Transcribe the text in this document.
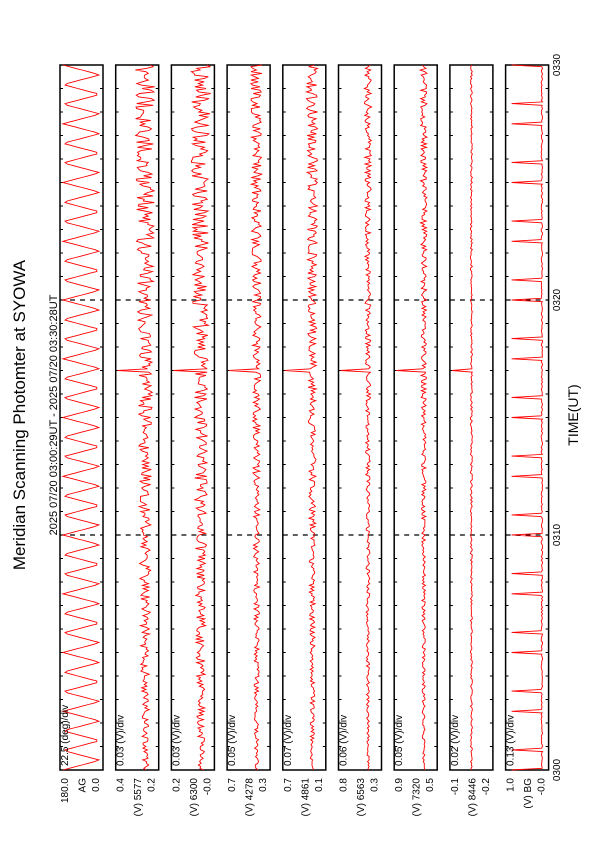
Meridian Scanning Photomter at SYOWA 2025 07/20 03:00:29UT - 2025 07/20 03:30:28UT	TIME(UT)
0.0
180.0 AG
22.5 (deg)/div
0.2
0.4 (V) 5577
0.03 (V)/div
-0.0
0.2 (V) 6300
0.03 (V)/div
0.3
0.7 (V) 4278
0.05 (V)/div
0.1
0.7 (V) 4861
0.07 (V)/div
0.3
0.8 (V) 6563
0.06 (V)/div
0.5
0.9 (V) 7320
0.05 (V)/div
-0.2
-0.1 (V) 8446
0.02 (V)/div
-0.0
1.0 (V) BG
0.13 (V)/div
0300
0310
0320
0330
